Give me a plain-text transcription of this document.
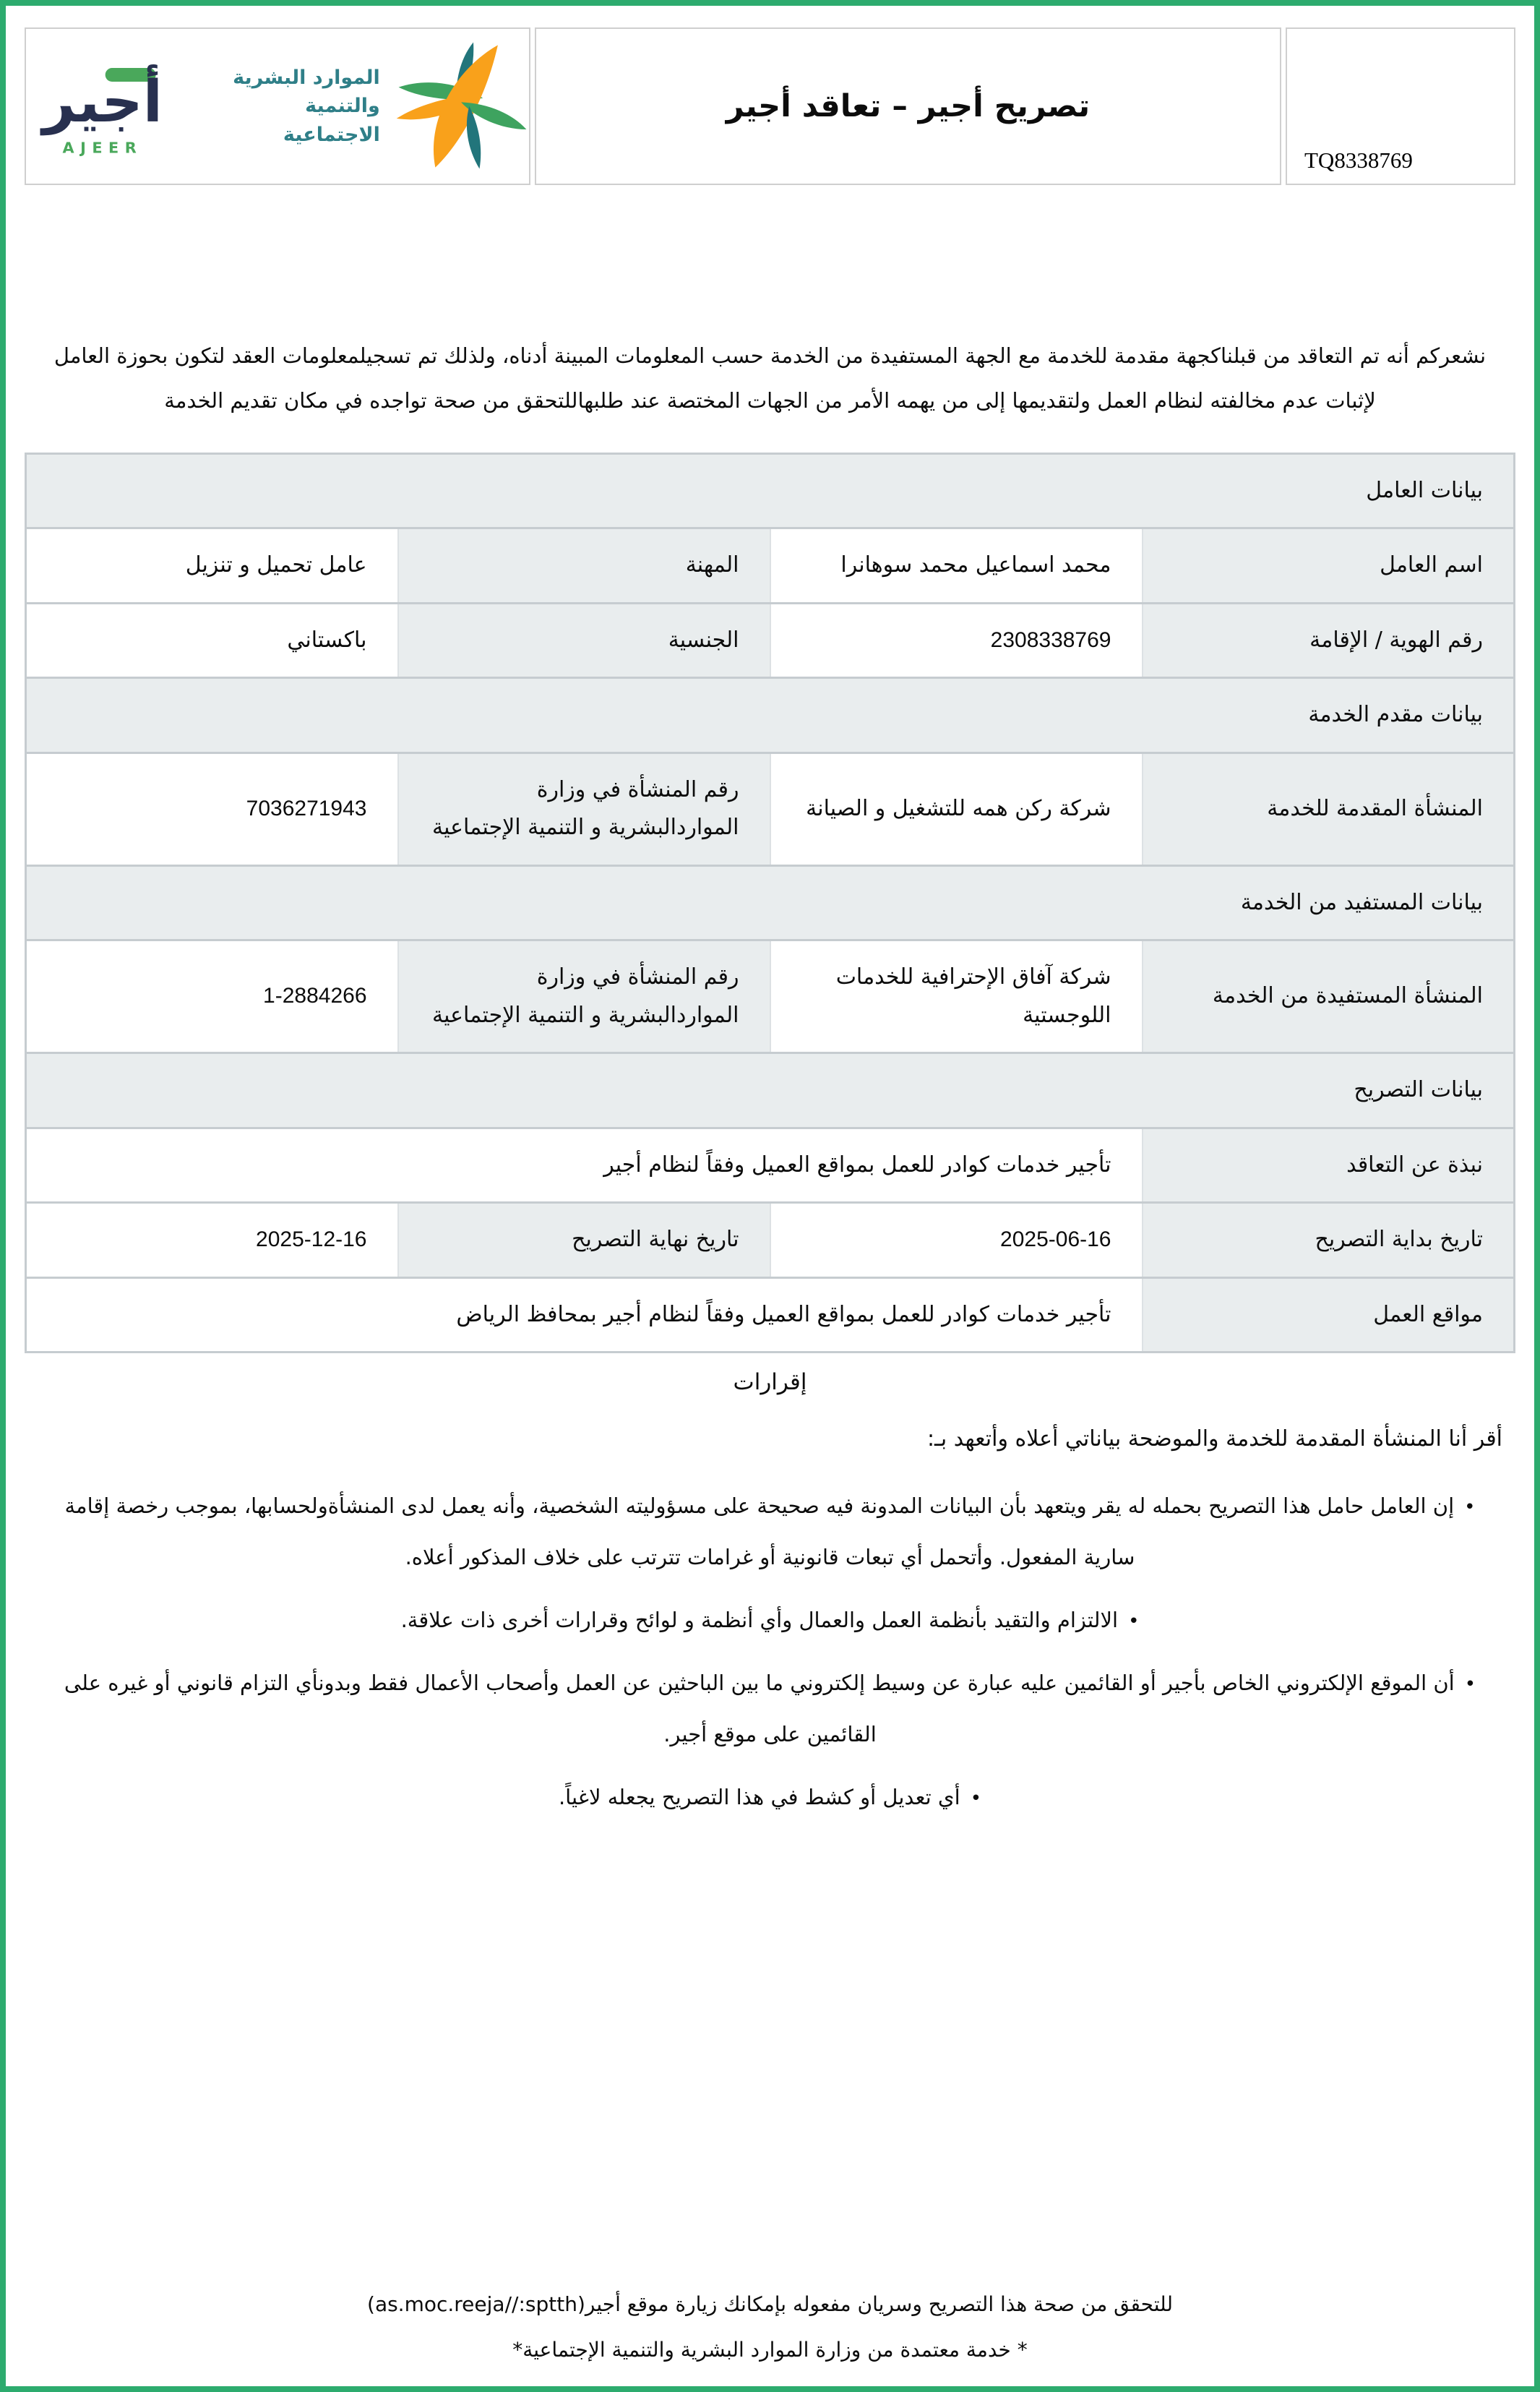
TQ8338769
تصريح أجير – تعاقد أجير
أجير
AJEER
الموارد البشرية
والتنمية الاجتماعية
نشعركم أنه تم التعاقد من قبلناكجهة مقدمة للخدمة مع الجهة المستفيدة من الخدمة حسب المعلومات المبينة أدناه، ولذلك تم تسجيلمعلومات العقد لتكون بحوزة العامل لإثبات عدم مخالفته لنظام العمل ولتقديمها إلى من يهمه الأمر من الجهات المختصة عند طلبهاللتحقق من صحة تواجده في مكان تقديم الخدمة
بيانات العامل			
اسم العامل	محمد اسماعيل محمد سوهانرا	المهنة	عامل تحميل و تنزيل
رقم الهوية / الإقامة	2308338769	الجنسية	باكستاني
بيانات مقدم الخدمة			
المنشأة المقدمة للخدمة	شركة ركن همه للتشغيل و الصيانة	رقم المنشأة في وزارة المواردالبشرية و التنمية الإجتماعية	7036271943
بيانات المستفيد من الخدمة			
المنشأة المستفيدة من الخدمة	شركة آفاق الإحترافية للخدمات اللوجستية	رقم المنشأة في وزارة المواردالبشرية و التنمية الإجتماعية	1-2884266
بيانات التصريح			
نبذة عن التعاقد	تأجير خدمات كوادر للعمل بمواقع العميل وفقاً لنظام أجير		
تاريخ بداية التصريح	2025-06-16	تاريخ نهاية التصريح	2025-12-16
مواقع العمل	تأجير خدمات كوادر للعمل بمواقع العميل وفقاً لنظام أجير بمحافظ الرياض		
إقرارات
أقر أنا المنشأة المقدمة للخدمة والموضحة بياناتي أعلاه وأتعهد بـ:
•إن العامل حامل هذا التصريح بحمله له يقر ويتعهد بأن البيانات المدونة فيه صحيحة على مسؤوليته الشخصية، وأنه يعمل لدى المنشأةولحسابها، بموجب رخصة إقامة سارية المفعول. وأتحمل أي تبعات قانونية أو غرامات تترتب على خلاف المذكور أعلاه.
•الالتزام والتقيد بأنظمة العمل والعمال وأي أنظمة و لوائح وقرارات أخرى ذات علاقة.
•أن الموقع الإلكتروني الخاص بأجير أو القائمين عليه عبارة عن وسيط إلكتروني ما بين الباحثين عن العمل وأصحاب الأعمال فقط وبدونأي التزام قانوني أو غيره على القائمين على موقع أجير.
•أي تعديل أو كشط في هذا التصريح يجعله لاغياً.
للتحقق من صحة هذا التصريح وسريان مفعوله بإمكانك زيارة موقع أجير(as.moc.reeja//:sptth)
* خدمة معتمدة من وزارة الموارد البشرية والتنمية الإجتماعية*
